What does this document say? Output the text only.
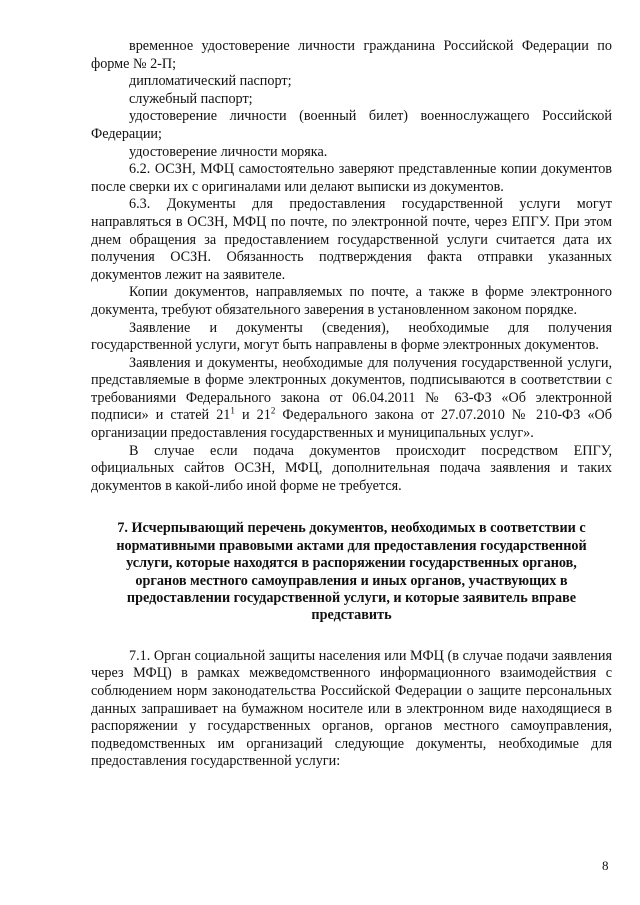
временное удостоверение личности гражданина Российской Федерации по форме № 2-П;

дипломатический паспорт;

служебный паспорт;

удостоверение личности (военный билет) военнослужащего Российской Федерации;

удостоверение личности моряка.

6.2. ОСЗН, МФЦ самостоятельно заверяют представленные копии документов после сверки их с оригиналами или делают выписки из документов.

6.3. Документы для предоставления государственной услуги могут направляться в ОСЗН, МФЦ по почте, по электронной почте, через ЕПГУ. При этом днем обращения за предоставлением государственной услуги считается дата их получения ОСЗН. Обязанность подтверждения факта отправки указанных документов лежит на заявителе.

Копии документов, направляемых по почте, а также в форме электронного документа, требуют обязательного заверения в установленном законом порядке.

Заявление и документы (сведения), необходимые для получения государственной услуги, могут быть направлены в форме электронных документов.

Заявления и документы, необходимые для получения государственной услуги, представляемые в форме электронных документов, подписываются в соответствии с требованиями Федерального закона от 06.04.2011 № 63-ФЗ «Об электронной подписи» и статей $21^1$ и $21^2$ Федерального закона от 27.07.2010 № 210-ФЗ «Об организации предоставления государственных и муниципальных услуг».

В случае если подача документов происходит посредством ЕПГУ, официальных сайтов ОСЗН, МФЦ, дополнительная подача заявления и таких документов в какой-либо иной форме не требуется.

7. Исчерпывающий перечень документов, необходимых в соответствии с нормативными правовыми актами для предоставления государственной услуги, которые находятся в распоряжении государственных органов, органов местного самоуправления и иных органов, участвующих в предоставлении государственной услуги, и которые заявитель вправе представить

7.1. Орган социальной защиты населения или МФЦ (в случае подачи заявления через МФЦ) в рамках межведомственного информационного взаимодействия с соблюдением норм законодательства Российской Федерации о защите персональных данных запрашивает на бумажном носителе или в электронном виде находящиеся в распоряжении у государственных органов, органов местного самоуправления, подведомственных им организаций следующие документы, необходимые для предоставления государственной услуги:

8
